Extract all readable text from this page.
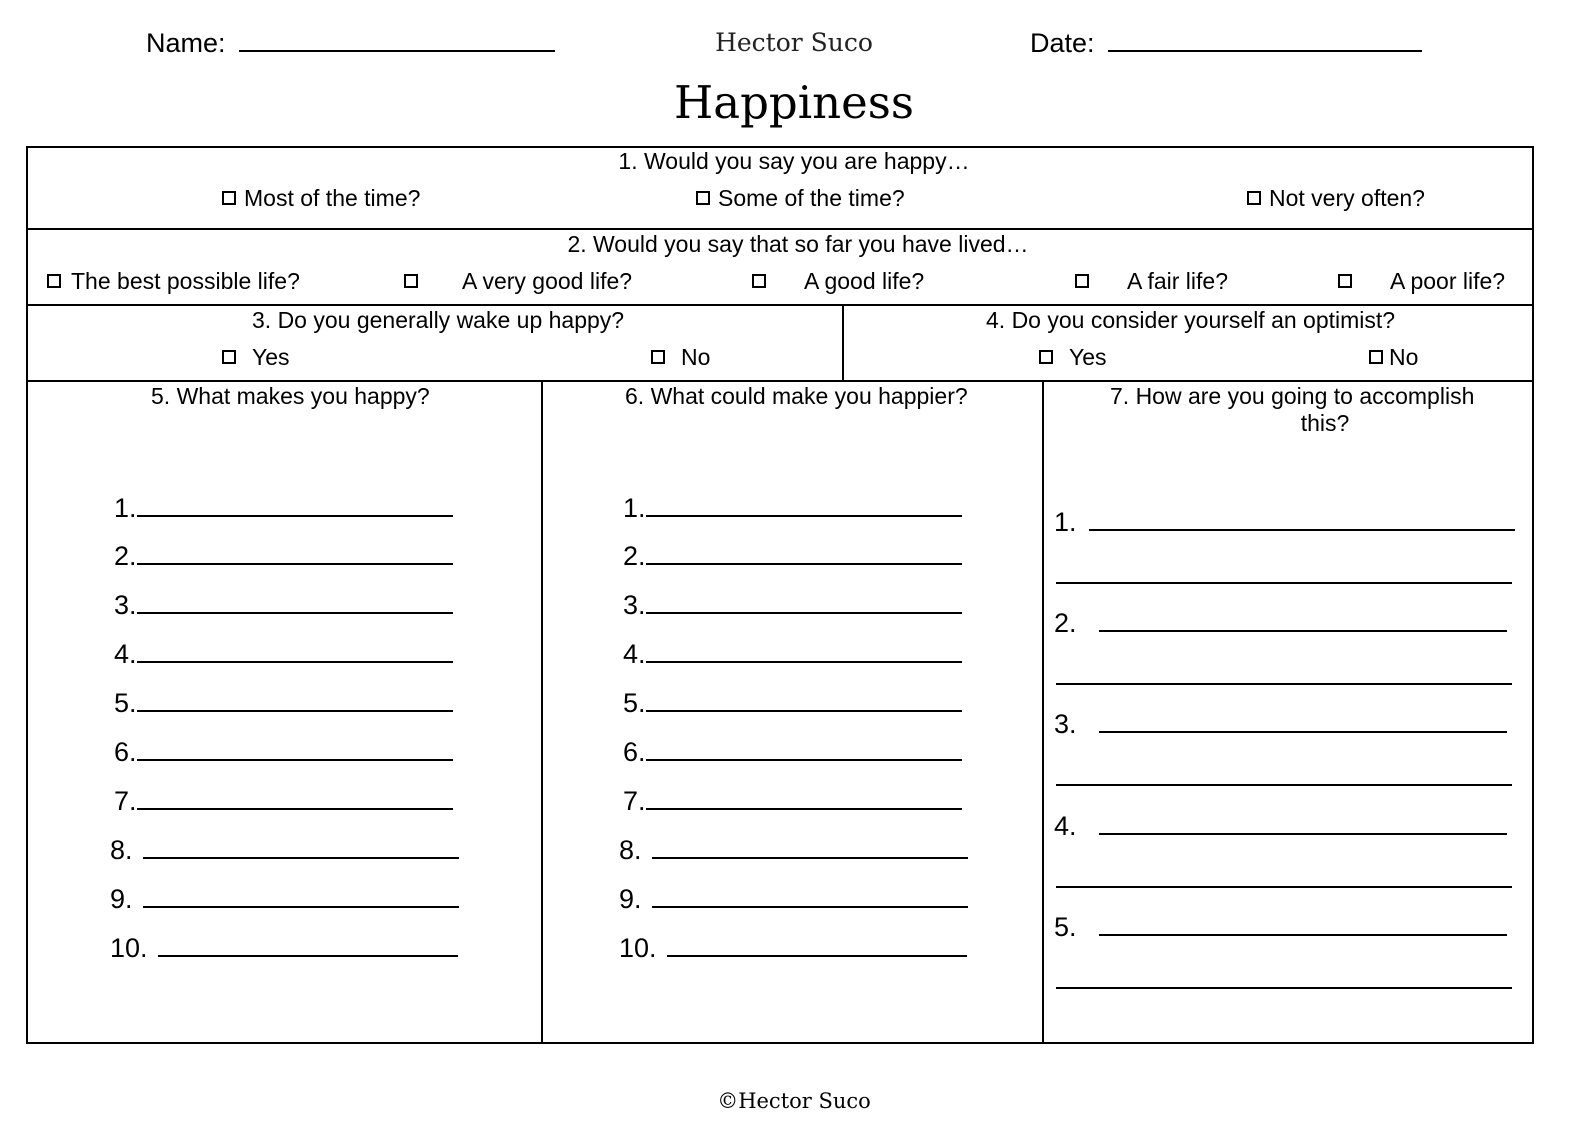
Name:	Hector Suco	Date:
Happiness
1. Would you say you are happy…
Most of the time?	Some of the time?	Not very often?
2. Would you say that so far you have lived…
The best possible life?	A very good life?	A good life?	A fair life?	A poor life?
3. Do you generally wake up happy?
Yes	No
4. Do you consider yourself an optimist?
Yes	No
5. What makes you happy?
1.
2.
3.
4.
5.
6.
7.
8.
9.
10.
6. What could make you happier?
1.
2.
3.
4.
5.
6.
7.
8.
9.
10.
7. How are you going to accomplish
this?
1.
2.
3.
4.
5.
©Hector Suco
